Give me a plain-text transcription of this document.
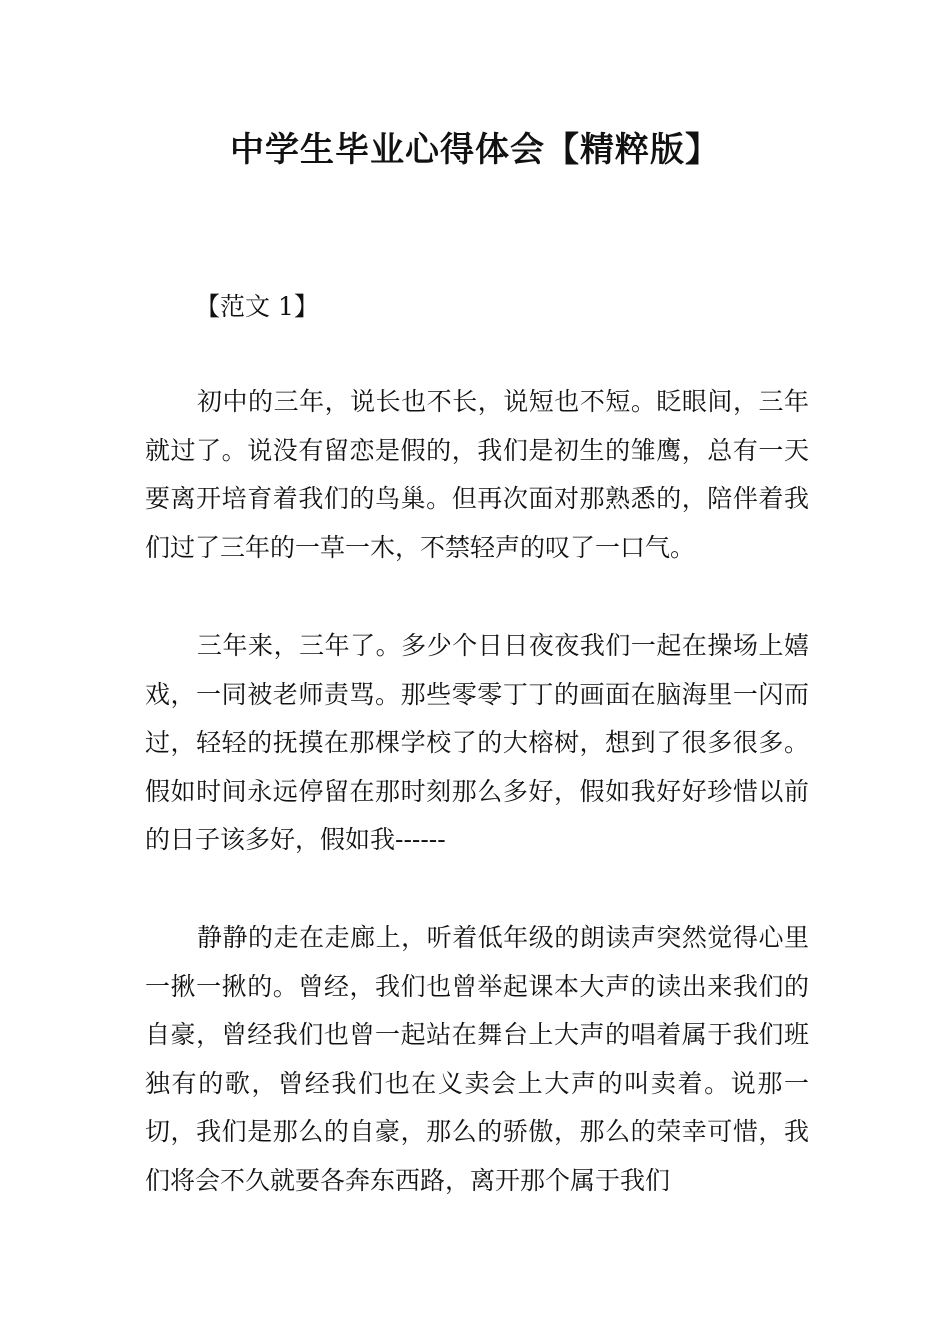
中学生毕业心得体会【精粹版】

【范文 1】

初中的三年，说长也不长，说短也不短。眨眼间，三年就过了。说没有留恋是假的，我们是初生的雏鹰，总有一天要离开培育着我们的鸟巢。但再次面对那熟悉的，陪伴着我们过了三年的一草一木，不禁轻声的叹了一口气。

三年来，三年了。多少个日日夜夜我们一起在操场上嬉戏，一同被老师责骂。那些零零丁丁的画面在脑海里一闪而过，轻轻的抚摸在那棵学校了的大榕树，想到了很多很多。假如时间永远停留在那时刻那么多好，假如我好好珍惜以前的日子该多好，假如我------

静静的走在走廊上，听着低年级的朗读声突然觉得心里一揪一揪的。曾经，我们也曾举起课本大声的读出来我们的自豪，曾经我们也曾一起站在舞台上大声的唱着属于我们班独有的歌，曾经我们也在义卖会上大声的叫卖着。说那一切，我们是那么的自豪，那么的骄傲，那么的荣幸可惜，我们将会不久就要各奔东西路，离开那个属于我们
